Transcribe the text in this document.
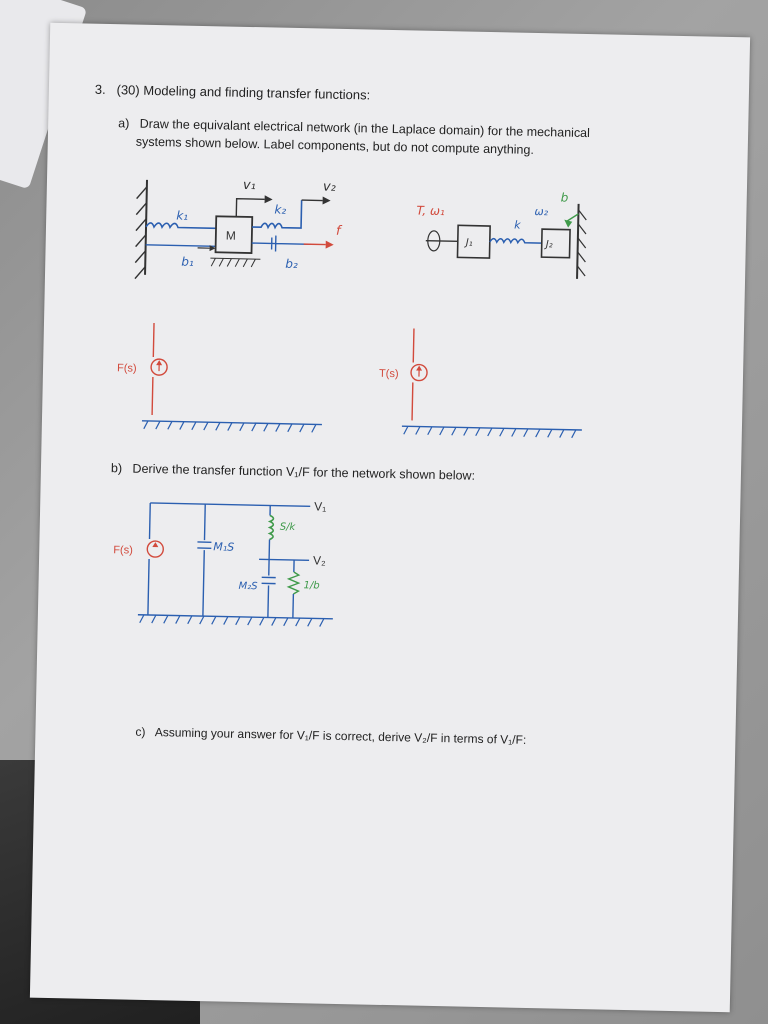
3. (30) Modeling and finding transfer functions:
a) Draw the equivalant electrical network (in the Laplace domain) for the mechanical
systems shown below. Label components, but do not compute anything.
k₁
M
b₁
k₂
b₂
v₁	v₂
f
T, ω₁
J₁	J₂
k
ω₂
b
F(s)	T(s)
b) Derive the transfer function V₁/F for the network shown below:
F(s)
V₁
V₂
M₁S
S/k
M₂S	1/b
c) Assuming your answer for V₁/F is correct, derive V₂/F in terms of V₁/F:
